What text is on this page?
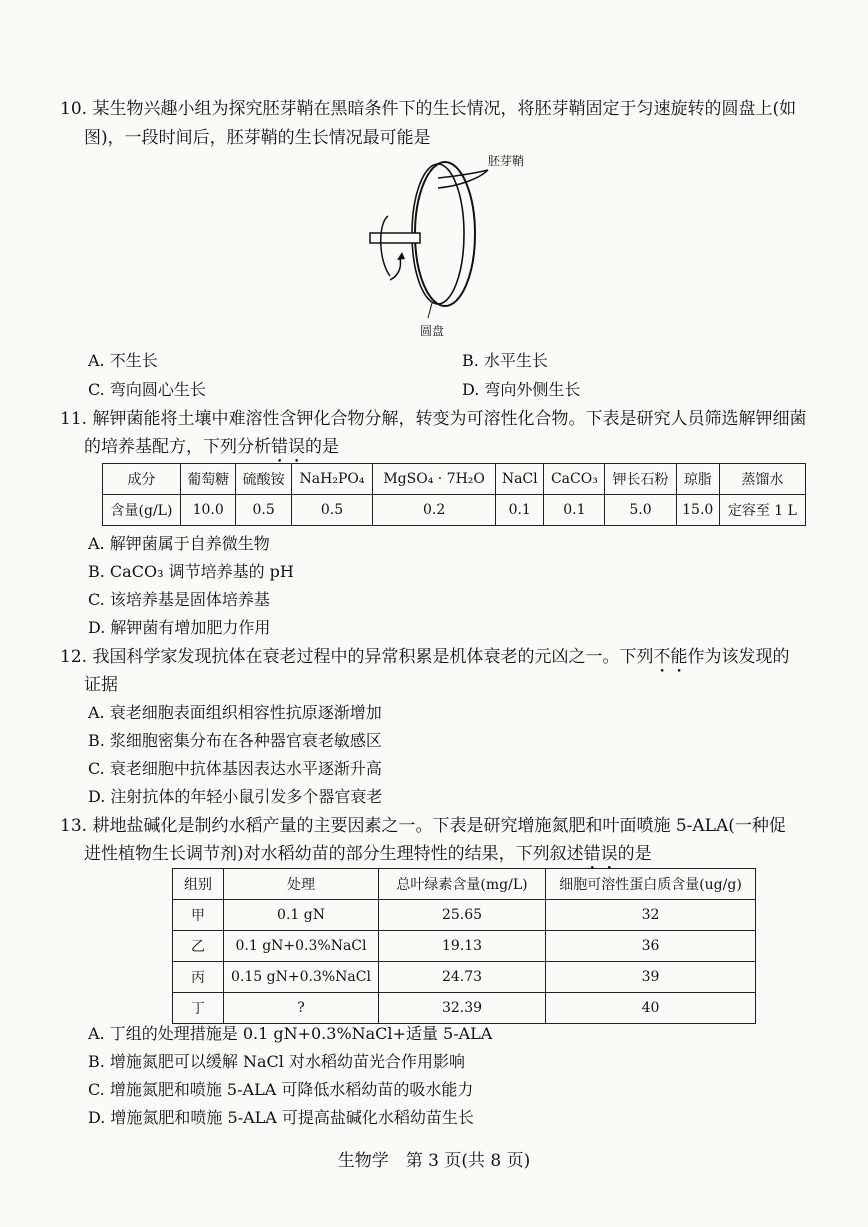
10. 某生物兴趣小组为探究胚芽鞘在黑暗条件下的生长情况，将胚芽鞘固定于匀速旋转的圆盘上(如
图)，一段时间后，胚芽鞘的生长情况最可能是
胚芽鞘
圆盘
A. 不生长	B. 水平生长
C. 弯向圆心生长	D. 弯向外侧生长
11. 解钾菌能将土壤中难溶性含钾化合物分解，转变为可溶性化合物。下表是研究人员筛选解钾细菌
的培养基配方，下列分析错误的是
成分	葡萄糖	硫酸铵	NaH₂PO₄	MgSO₄ · 7H₂O	NaCl	CaCO₃	钾长石粉	琼脂	蒸馏水
含量(g/L)	10.0	0.5	0.5	0.2	0.1	0.1	5.0	15.0	定容至 1 L
A. 解钾菌属于自养微生物
B. CaCO₃ 调节培养基的 pH
C. 该培养基是固体培养基
D. 解钾菌有增加肥力作用
12. 我国科学家发现抗体在衰老过程中的异常积累是机体衰老的元凶之一。下列不能作为该发现的
证据
A. 衰老细胞表面组织相容性抗原逐渐增加
B. 浆细胞密集分布在各种器官衰老敏感区
C. 衰老细胞中抗体基因表达水平逐渐升高
D. 注射抗体的年轻小鼠引发多个器官衰老
13. 耕地盐碱化是制约水稻产量的主要因素之一。下表是研究增施氮肥和叶面喷施 5-ALA(一种促
进性植物生长调节剂)对水稻幼苗的部分生理特性的结果，下列叙述错误的是
组别	处理	总叶绿素含量(mg/L)	细胞可溶性蛋白质含量(ug/g)
甲	0.1 gN	25.65	32
乙	0.1 gN+0.3%NaCl	19.13	36
丙	0.15 gN+0.3%NaCl	24.73	39
丁	?	32.39	40
A. 丁组的处理措施是 0.1 gN+0.3%NaCl+适量 5-ALA
B. 增施氮肥可以缓解 NaCl 对水稻幼苗光合作用影响
C. 增施氮肥和喷施 5-ALA 可降低水稻幼苗的吸水能力
D. 增施氮肥和喷施 5-ALA 可提高盐碱化水稻幼苗生长
生物学　第 3 页(共 8 页)
